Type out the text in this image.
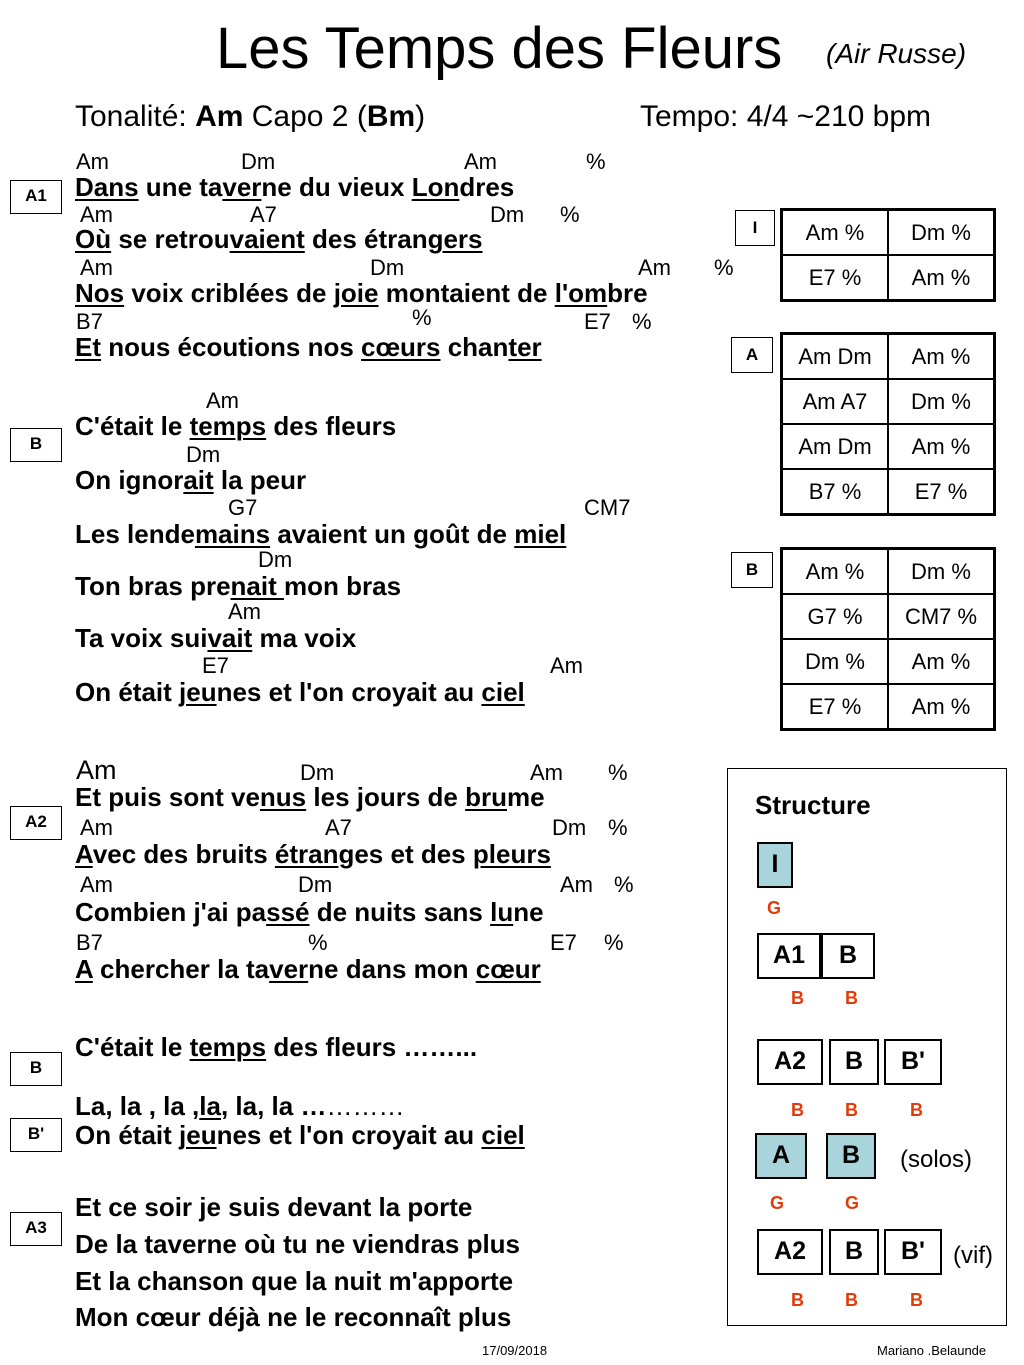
Les Temps des Fleurs (Air Russe)
Tonalité: Am Capo 2 (Bm)	Tempo: 4/4 ~210 bpm
A1
B
A2
B
B'
A3
Am	Dm	Am	%
Am	A7	Dm %
Am	Dm	Am %
B7	%	E7 %
Am
Dm
G7	CM7
Dm
Am
E7	Am
Am	Dm	Am %
Am	A7	Dm %
Am	Dm	Am %
B7	%	E7 %
Dans une taverne du vieux Londres
Où se retrouvaient des étrangers
Nos voix criblées de joie montaient de l'ombre
Et nous écoutions nos cœurs chanter
C'était le temps des fleurs
On ignorait la peur
Les lendemains avaient un goût de miel
Ton bras prenait mon bras
Ta voix suivait ma voix
On était jeunes et l'on croyait au ciel
Et puis sont venus les jours de brume
Avec des bruits étranges et des pleurs
Combien j'ai passé de nuits sans lune
A chercher la taverne dans mon cœur
C'était le temps des fleurs ……...
La, la , la ,la, la, la …………
On était jeunes et l'on croyait au ciel
Et ce soir je suis devant la porte
De la taverne où tu ne viendras plus
Et la chanson que la nuit m'apporte
Mon cœur déjà ne le reconnaît plus
I	Am %	Dm %
E7 %	Am %
A	Am Dm	Am %
Am A7	Dm %
Am Dm	Am %
B7 %	E7 %
B	Am %	Dm %
G7 %	CM7 %
Dm %	Am %
E7 %	Am %
Structure
I
G
A1	B
B B
A2	B	B'
B B	B
A	B	(solos)
G	G
A2	B	B'	(vif)
B B	B
17/09/2018	Mariano .Belaunde
